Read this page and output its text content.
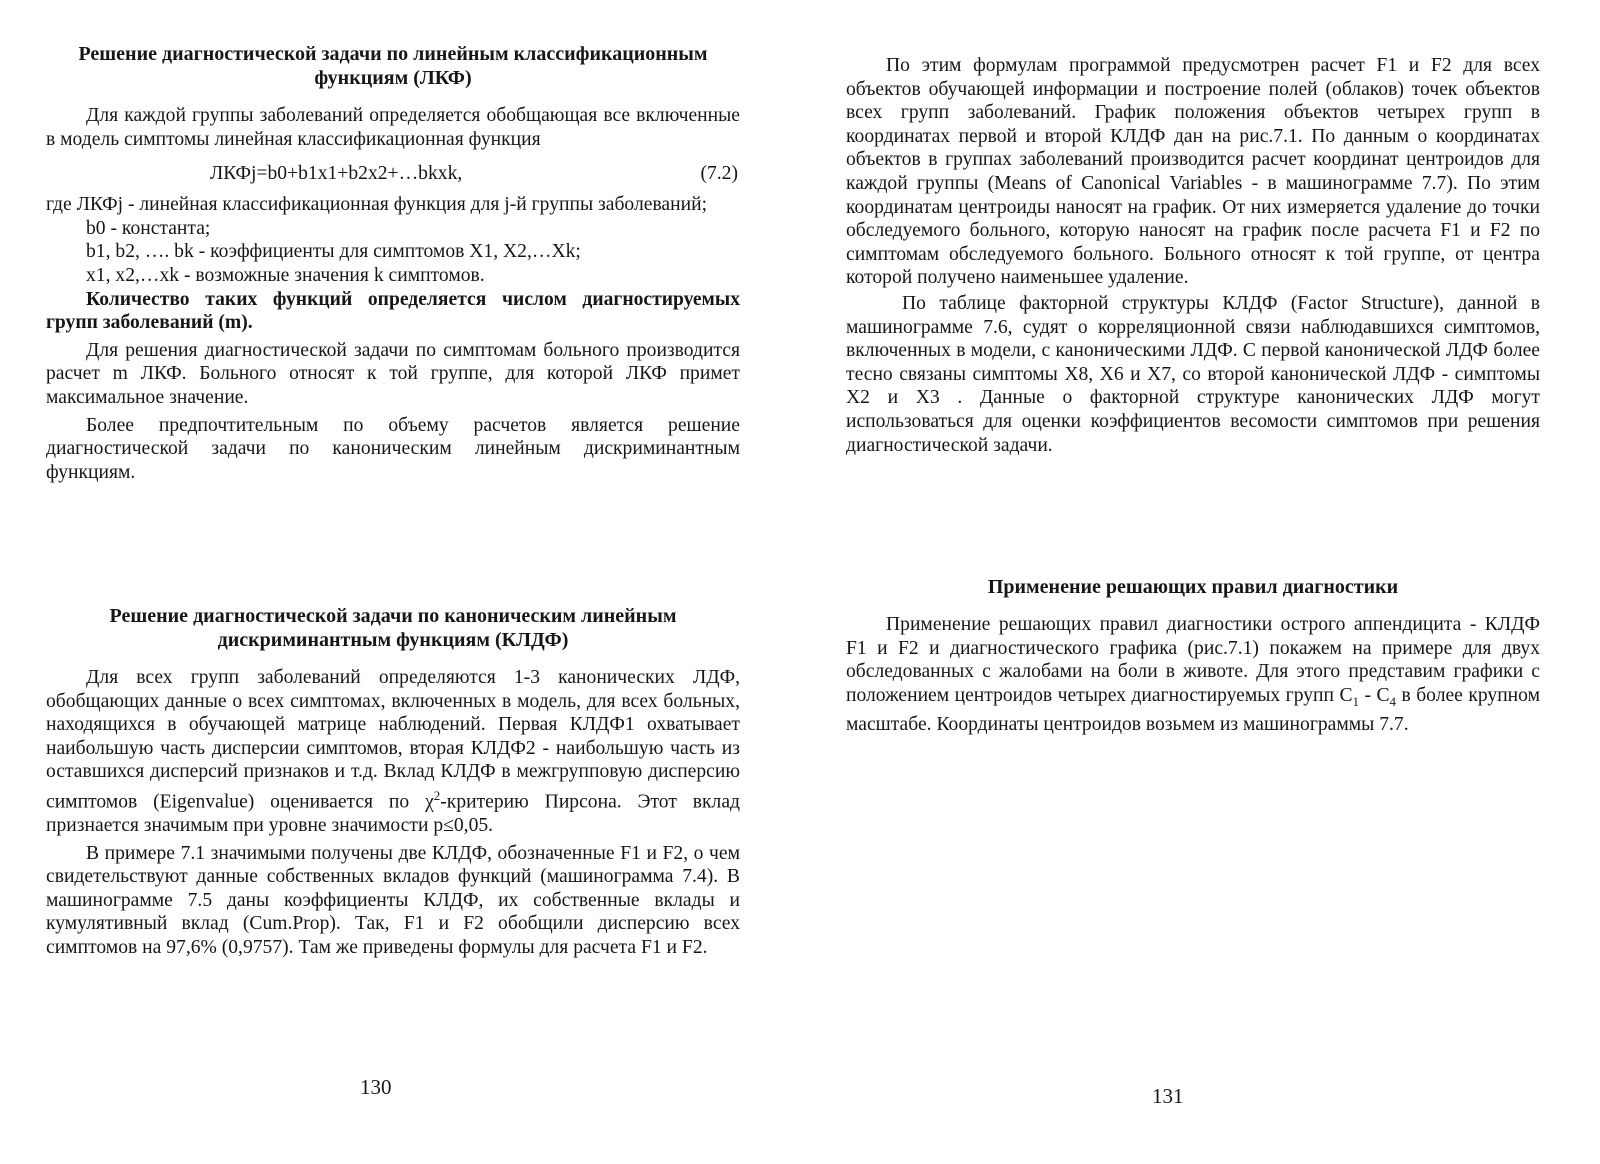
Решение диагностической задачи по линейным классификационным функциям (ЛКФ)

Для каждой группы заболеваний определяется обобщающая все включенные в модель симптомы линейная классификационная функция

ЛКФj=b0+b1x1+b2x2+…bkxk,	(7.2)

где ЛКФj - линейная классификационная функция для j-й группы заболеваний;

b0 - константа;

b1, b2, …. bk - коэффициенты для симптомов X1, X2,…Xk;

x1, x2,…xk - возможные значения k симптомов.

Количество таких функций определяется числом диагностируемых групп заболеваний (m).

Для решения диагностической задачи по симптомам больного производится расчет m ЛКФ. Больного относят к той группе, для которой ЛКФ примет максимальное значение.

Более предпочтительным по объему расчетов является решение диагностической задачи по каноническим линейным дискриминантным функциям.

Решение диагностической задачи по каноническим линейным дискриминантным функциям (КЛДФ)

Для всех групп заболеваний определяются 1-3 канонических ЛДФ, обобщающих данные о всех симптомах, включенных в модель, для всех больных, находящихся в обучающей матрице наблюдений. Первая КЛДФ1 охватывает наибольшую часть дисперсии симптомов, вторая КЛДФ2 - наибольшую часть из оставшихся дисперсий признаков и т.д. Вклад КЛДФ в межгрупповую дисперсию симптомов (Eigenvalue) оценивается по $\chi^2$-критерию Пирсона. Этот вклад признается значимым при уровне значимости p≤0,05.

В примере 7.1 значимыми получены две КЛДФ, обозначенные F1 и F2, о чем свидетельствуют данные собственных вкладов функций (машинограмма 7.4). В машинограмме 7.5 даны коэффициенты КЛДФ, их собственные вклады и кумулятивный вклад (Cum.Prop). Так, F1 и F2 обобщили дисперсию всех симптомов на 97,6% (0,9757). Там же приведены формулы для расчета F1 и F2.

130

По этим формулам программой предусмотрен расчет F1 и F2 для всех объектов обучающей информации и построение полей (облаков) точек объектов всех групп заболеваний. График положения объектов четырех групп в координатах первой и второй КЛДФ дан на рис.7.1. По данным о координатах объектов в группах заболеваний производится расчет координат центроидов для каждой группы (Means of Canonical Variables - в машинограмме 7.7). По этим координатам центроиды наносят на график. От них измеряется удаление до точки обследуемого больного, которую наносят на график после расчета F1 и F2 по симптомам обследуемого больного. Больного относят к той группе, от центра которой получено наименьшее удаление.

По таблице факторной структуры КЛДФ (Factor Structure), данной в машинограмме 7.6, судят о корреляционной связи наблюдавшихся симптомов, включенных в модели, с каноническими ЛДФ. С первой канонической ЛДФ более тесно связаны симптомы X8, X6 и X7, со второй канонической ЛДФ - симптомы X2 и X3 . Данные о факторной структуре канонических ЛДФ могут использоваться для оценки коэффициентов весомости симптомов при решения диагностической задачи.

Применение решающих правил диагностики

Применение решающих правил диагностики острого аппендицита - КЛДФ F1 и F2 и диагностического графика (рис.7.1) покажем на примере для двух обследованных с жалобами на боли в животе. Для этого представим графики с положением центроидов четырех диагностируемых групп $C_1 - C_4$ в более крупном масштабе. Координаты центроидов возьмем из машинограммы 7.7.

131
